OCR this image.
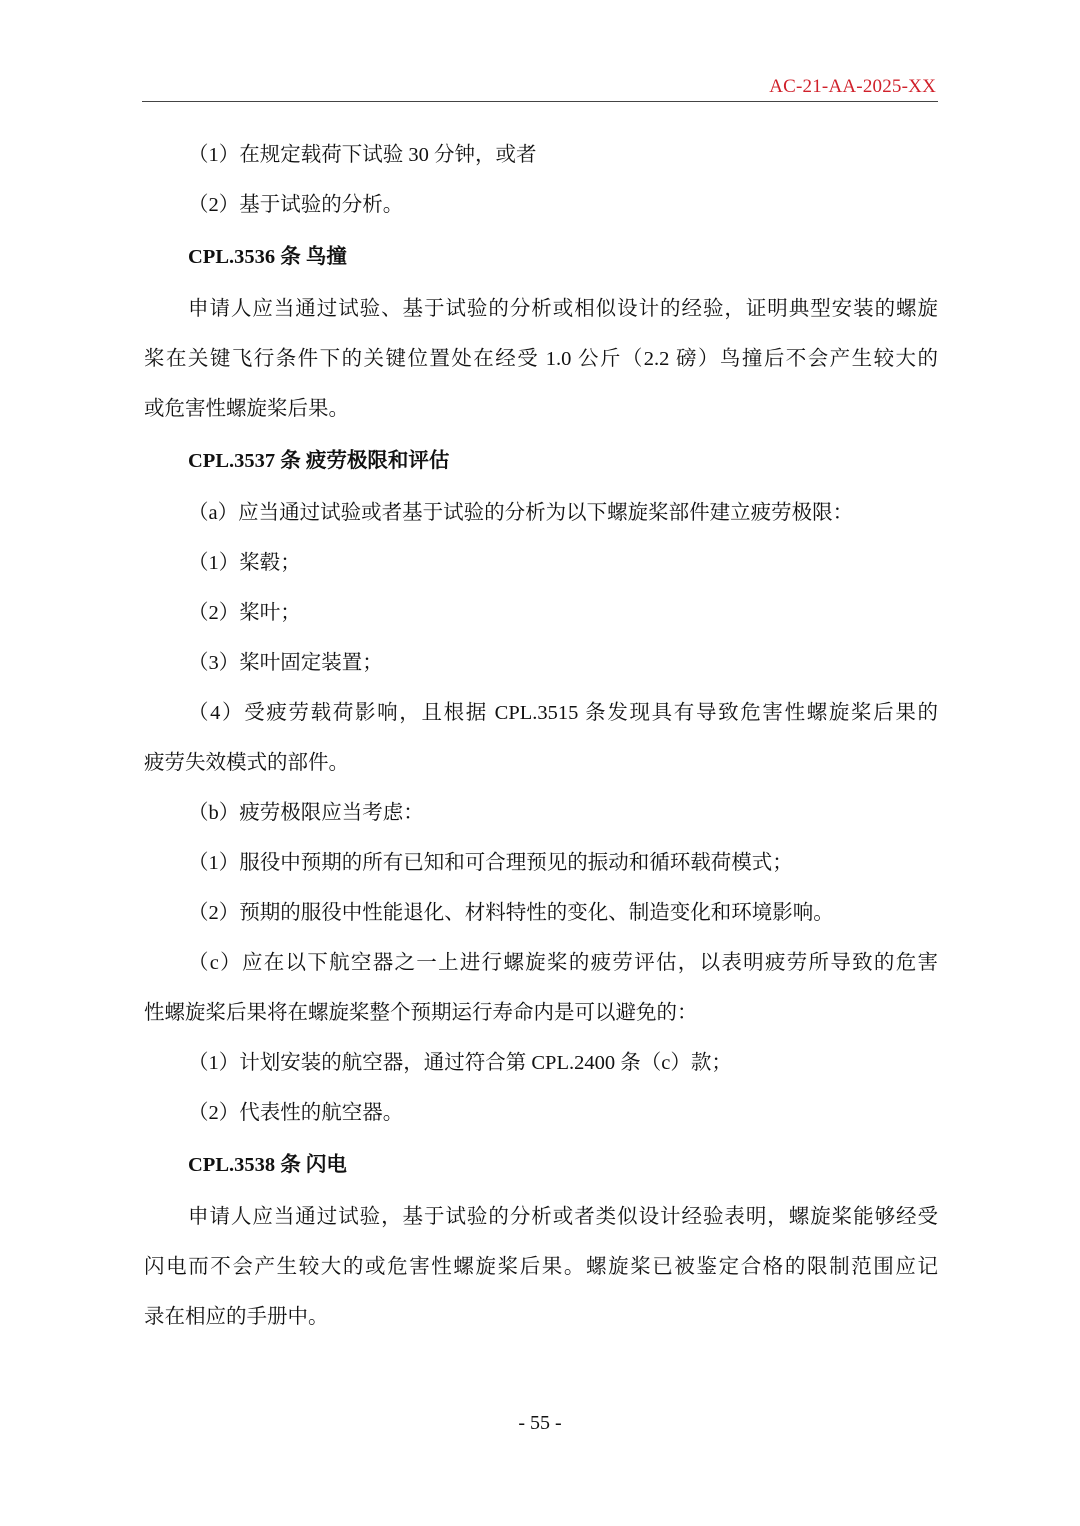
AC-21-AA-2025-XX
（1）在规定载荷下试验 30 分钟，或者
（2）基于试验的分析。
CPL.3536 条 鸟撞
申请人应当通过试验、基于试验的分析或相似设计的经验，证明典型安装的螺旋
桨在关键飞行条件下的关键位置处在经受 1.0 公斤（2.2 磅）鸟撞后不会产生较大的
或危害性螺旋桨后果。
CPL.3537 条 疲劳极限和评估
（a）应当通过试验或者基于试验的分析为以下螺旋桨部件建立疲劳极限：
（1）桨毂；
（2）桨叶；
（3）桨叶固定装置；
（4）受疲劳载荷影响，且根据 CPL.3515 条发现具有导致危害性螺旋桨后果的
疲劳失效模式的部件。
（b）疲劳极限应当考虑：
（1）服役中预期的所有已知和可合理预见的振动和循环载荷模式；
（2）预期的服役中性能退化、材料特性的变化、制造变化和环境影响。
（c）应在以下航空器之一上进行螺旋桨的疲劳评估，以表明疲劳所导致的危害
性螺旋桨后果将在螺旋桨整个预期运行寿命内是可以避免的：
（1）计划安装的航空器，通过符合第 CPL.2400 条（c）款；
（2）代表性的航空器。
CPL.3538 条 闪电
申请人应当通过试验，基于试验的分析或者类似设计经验表明，螺旋桨能够经受
闪电而不会产生较大的或危害性螺旋桨后果。螺旋桨已被鉴定合格的限制范围应记
录在相应的手册中。
- 55 -
